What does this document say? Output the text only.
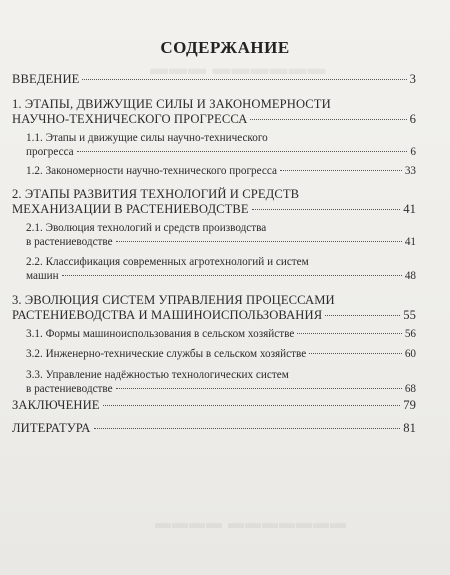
▬▬▬ ▬▬▬▬▬▬
▬▬▬▬ ▬▬▬▬▬▬▬
СОДЕРЖАНИЕ
ВВЕДЕНИЕ	3
1. ЭТАПЫ, ДВИЖУЩИЕ СИЛЫ И ЗАКОНОМЕРНОСТИ
НАУЧНО-ТЕХНИЧЕСКОГО ПРОГРЕССА	6
1.1. Этапы и движущие силы научно-технического
прогресса	6
1.2. Закономерности научно-технического прогресса	33
2. ЭТАПЫ РАЗВИТИЯ ТЕХНОЛОГИЙ И СРЕДСТВ
МЕХАНИЗАЦИИ В РАСТЕНИЕВОДСТВЕ	41
2.1. Эволюция технологий и средств производства
в растениеводстве	41
2.2. Классификация современных агротехнологий и систем
машин	48
3. ЭВОЛЮЦИЯ СИСТЕМ УПРАВЛЕНИЯ ПРОЦЕССАМИ
РАСТЕНИЕВОДСТВА И МАШИНОИСПОЛЬЗОВАНИЯ	55
3.1. Формы машиноиспользования в сельском хозяйстве	56
3.2. Инженерно-технические службы в сельском хозяйстве	60
3.3. Управление надёжностью технологических систем
в растениеводстве	68
ЗАКЛЮЧЕНИЕ	79
ЛИТЕРАТУРА	81
